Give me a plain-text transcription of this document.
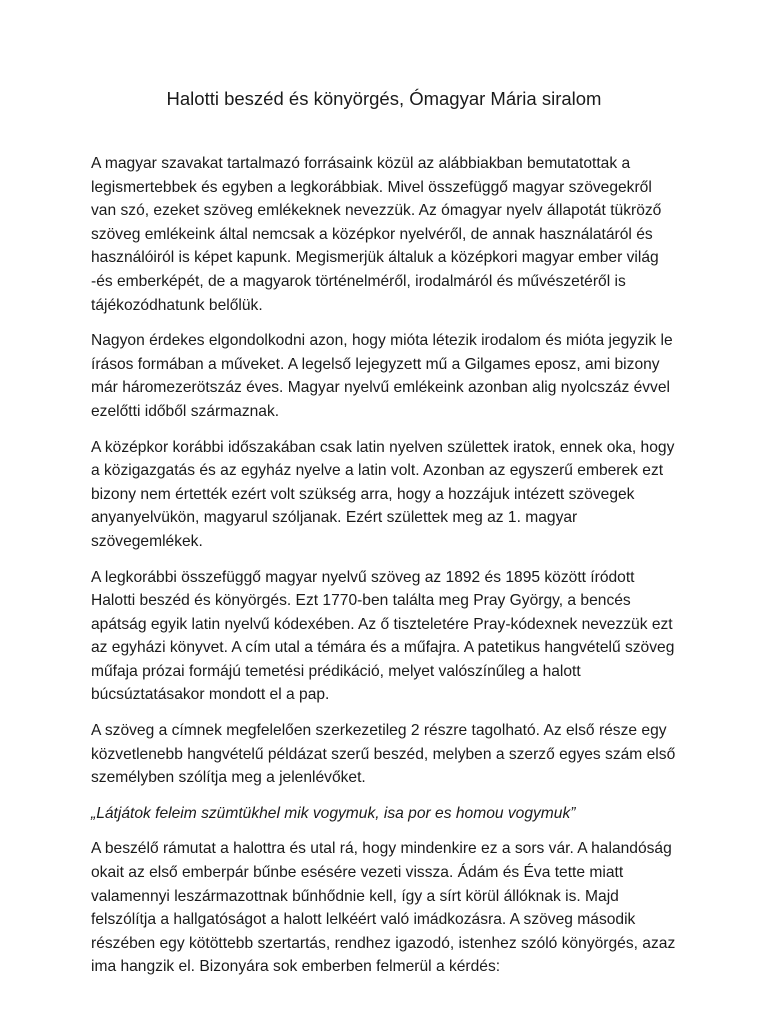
Halotti beszéd és könyörgés, Ómagyar Mária siralom

A magyar szavakat tartalmazó forrásaink közül az alábbiakban bemutatottak a legismertebbek és egyben a legkorábbiak. Mivel összefüggő magyar szövegekről van szó, ezeket szöveg emlékeknek nevezzük. Az ómagyar nyelv állapotát tükröző szöveg emlékeink által nemcsak a középkor nyelvéről, de annak használatáról és használóiról is képet kapunk. Megismerjük általuk a középkori magyar ember világ -és emberképét, de a magyarok történelméről, irodalmáról és művészetéről is tájékozódhatunk belőlük.

Nagyon érdekes elgondolkodni azon, hogy mióta létezik irodalom és mióta jegyzik le írásos formában a műveket. A legelső lejegyzett mű a Gilgames eposz, ami bizony már háromezerötszáz éves. Magyar nyelvű emlékeink azonban alig nyolcszáz évvel ezelőtti időből származnak.

A középkor korábbi időszakában csak latin nyelven születtek iratok, ennek oka, hogy a közigazgatás és az egyház nyelve a latin volt. Azonban az egyszerű emberek ezt bizony nem értették ezért volt szükség arra, hogy a hozzájuk intézett szövegek anyanyelvükön, magyarul szóljanak. Ezért születtek meg az 1. magyar szövegemlékek.

A legkorábbi összefüggő magyar nyelvű szöveg az 1892 és 1895 között íródott Halotti beszéd és könyörgés. Ezt 1770-ben találta meg Pray György, a bencés apátság egyik latin nyelvű kódexében. Az ő tiszteletére Pray-kódexnek nevezzük ezt az egyházi könyvet. A cím utal a témára és a műfajra. A patetikus hangvételű szöveg műfaja prózai formájú temetési prédikáció, melyet valószínűleg a halott búcsúztatásakor mondott el a pap.

A szöveg a címnek megfelelően szerkezetileg 2 részre tagolható. Az első része egy közvetlenebb hangvételű példázat szerű beszéd, melyben a szerző egyes szám első személyben szólítja meg a jelenlévőket.

„Látjátok feleim szümtükhel mik vogymuk, isa por es homou vogymuk”

A beszélő rámutat a halottra és utal rá, hogy mindenkire ez a sors vár. A halandóság okait az első emberpár bűnbe esésére vezeti vissza. Ádám és Éva tette miatt valamennyi leszármazottnak bűnhődnie kell, így a sírt körül állóknak is. Majd felszólítja a hallgatóságot a halott lelkéért való imádkozásra. A szöveg második részében egy kötöttebb szertartás, rendhez igazodó, istenhez szóló könyörgés, azaz ima hangzik el. Bizonyára sok emberben felmerül a kérdés:
